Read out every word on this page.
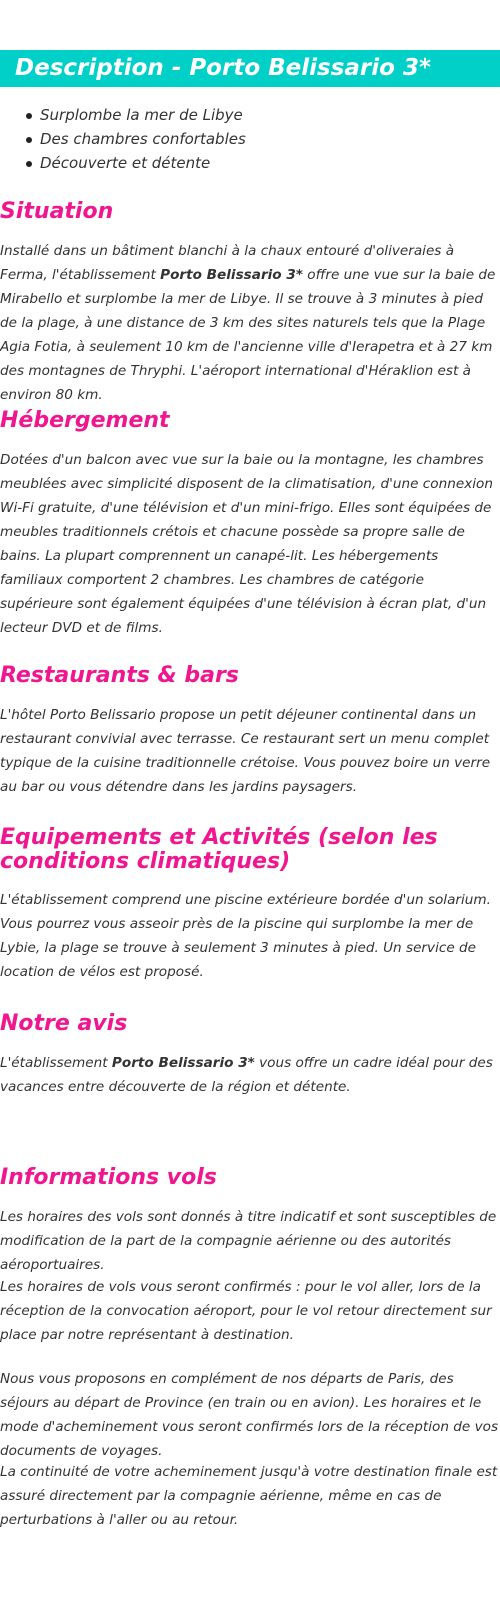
Description - Porto Belissario 3*
Surplombe la mer de Libye
Des chambres confortables
Découverte et détente
Situation

Installé dans un bâtiment blanchi à la chaux entouré d'oliveraies à Ferma, l'établissement Porto Belissario 3* offre une vue sur la baie de Mirabello et surplombe la mer de Libye. Il se trouve à 3 minutes à pied de la plage, à une distance de 3 km des sites naturels tels que la Plage Agia Fotia, à seulement 10 km de l'ancienne ville d'Ierapetra et à 27 km des montagnes de Thryphi. L'aéroport international d'Héraklion est à environ 80 km.

Hébergement

Dotées d'un balcon avec vue sur la baie ou la montagne, les chambres meublées avec simplicité disposent de la climatisation, d'une connexion Wi-Fi gratuite, d'une télévision et d'un mini-frigo. Elles sont équipées de meubles traditionnels crétois et chacune possède sa propre salle de bains. La plupart comprennent un canapé-lit. Les hébergements familiaux comportent 2 chambres. Les chambres de catégorie supérieure sont également équipées d'une télévision à écran plat, d'un lecteur DVD et de films.

Restaurants & bars

L'hôtel Porto Belissario propose un petit déjeuner continental dans un restaurant convivial avec terrasse. Ce restaurant sert un menu complet typique de la cuisine traditionnelle crétoise. Vous pouvez boire un verre au bar ou vous détendre dans les jardins paysagers.

Equipements et Activités (selon les conditions climatiques)

L'établissement comprend une piscine extérieure bordée d'un solarium. Vous pourrez vous asseoir près de la piscine qui surplombe la mer de Lybie, la plage se trouve à seulement 3 minutes à pied. Un service de location de vélos est proposé.

Notre avis

L'établissement Porto Belissario 3* vous offre un cadre idéal pour des vacances entre découverte de la région et détente.

Informations vols

Les horaires des vols sont donnés à titre indicatif et sont susceptibles de modification de la part de la compagnie aérienne ou des autorités aéroportuaires.

Les horaires de vols vous seront confirmés : pour le vol aller, lors de la réception de la convocation aéroport, pour le vol retour directement sur place par notre représentant à destination.

Nous vous proposons en complément de nos départs de Paris, des séjours au départ de Province (en train ou en avion). Les horaires et le mode d'acheminement vous seront confirmés lors de la réception de vos documents de voyages.

La continuité de votre acheminement jusqu'à votre destination finale est assuré directement par la compagnie aérienne, même en cas de perturbations à l'aller ou au retour.
